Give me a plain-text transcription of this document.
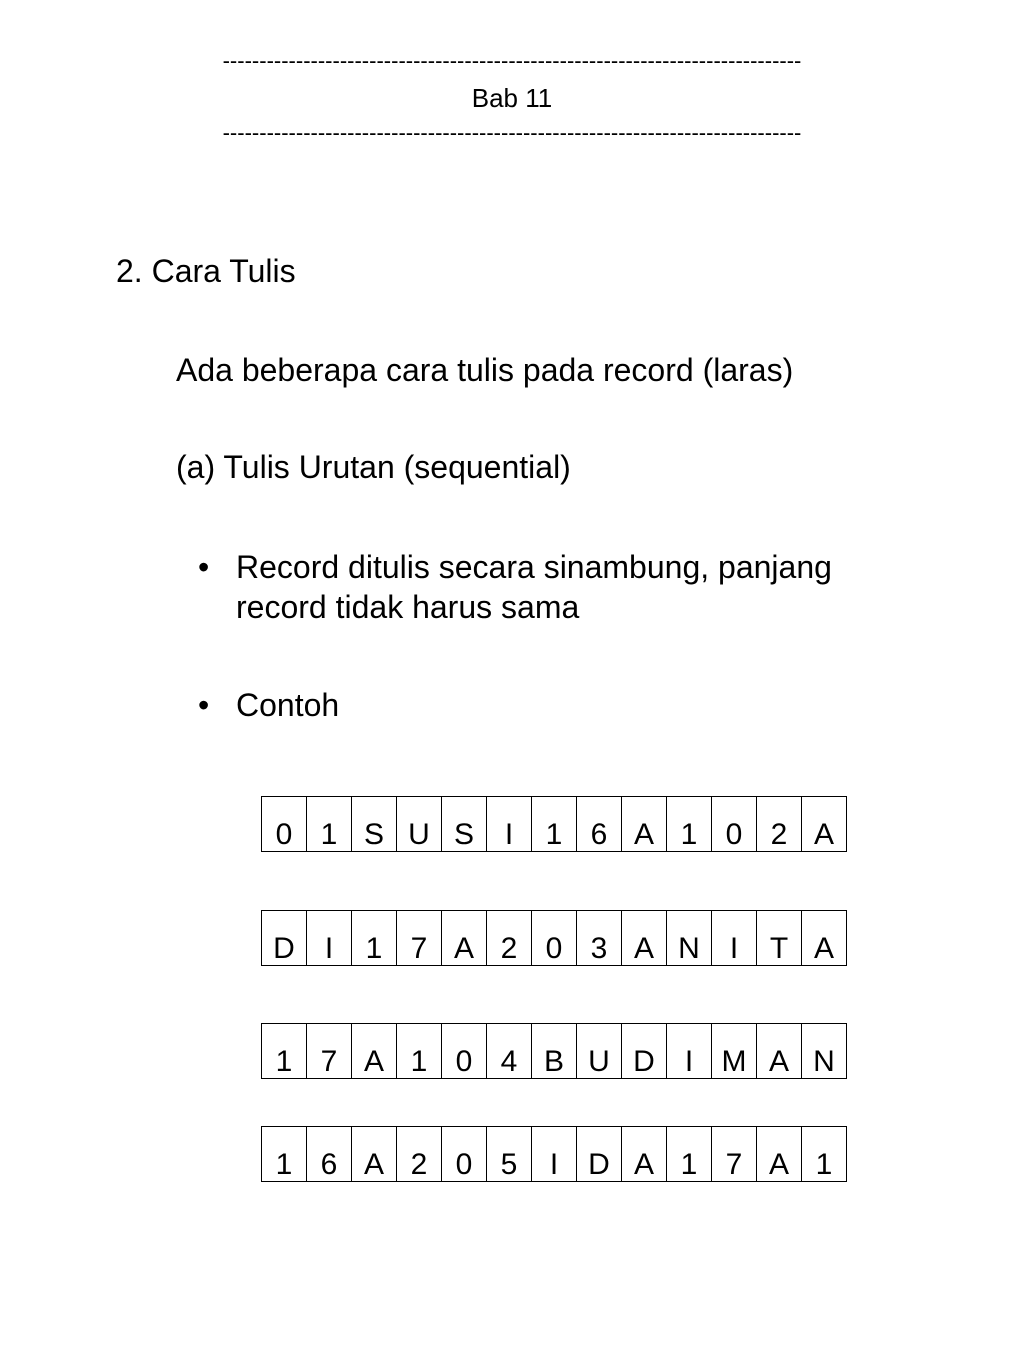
-------------------------------------------------------------------------------
Bab 11
-------------------------------------------------------------------------------
2. Cara Tulis
Ada beberapa cara tulis pada record (laras)
(a) Tulis Urutan (sequential)
• Record ditulis secara sinambung, panjang record tidak harus sama
• Contoh
0 1 S U S I 1 6 A 1 0 2 A
D I 1 7 A 2 0 3 A N I T A
1 7 A 1 0 4 B U D I M A N
1 6 A 2 0 5 I D A 1 7 A 1
